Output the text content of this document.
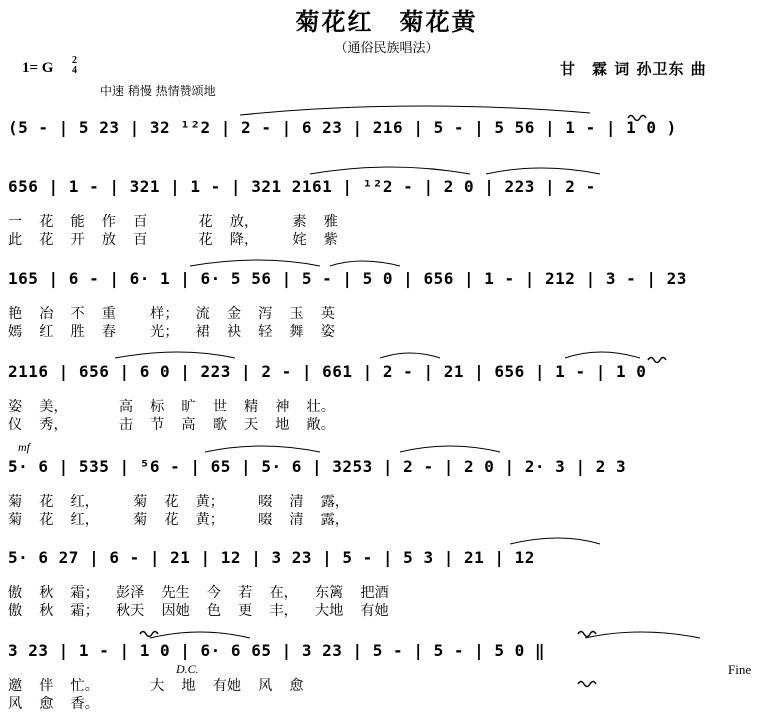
菊花红　菊花黄
（通俗民族唱法）
1= G 2
4	甘　霖 词 孙卫东 曲
中速 稍慢 热情赞颂地
(5 - | 5 23 | 32 ¹²2 | 2 - | 6 23 | 216 | 5 - | 5 56 | 1 - | 1 0 )
656 | 1 - | 321 | 1 - | 321 2161 | ¹²2 - | 2 0 | 223 | 2 -
一  花  能  作  百      花  放，    素  雅
此  花  开  放  百      花  降，    姹  紫
165 | 6 - | 6· 1 | 6· 5 56 | 5 - | 5 0 | 656 | 1 - | 212 | 3 - | 23
艳  冶  不  重    样；  流  金  泻  玉  英
嫣  红  胜  春    光；  裙  袂  轻  舞  姿
2116 | 656 | 6 0 | 223 | 2 - | 661 | 2 - | 21 | 656 | 1 - | 1 0
姿  美，      高  标  旷  世  精  神  壮。
仪  秀，      击  节  高  歌  天  地  敞。
mf
5· 6 | 535 | ⁵6 - | 65 | 5· 6 | 3253 | 2 - | 2 0 | 2· 3 | 2 3
菊  花  红，    菊  花  黄；    啜  清  露，
菊  花  红，    菊  花  黄；    啜  清  露，
5· 6 27 | 6 - | 21 | 12 | 3 23 | 5 - | 5 3 | 21 | 12
傲  秋  霜；  彭泽  先生  今  若  在，  东篱  把酒
傲  秋  霜；  秋天  因她  色  更  丰，  大地  有她
3 23 | 1 - | 1 0 | 6· 6 65 | 3 23 | 5 - | 5 - | 5 0 ‖
邀  伴  忙。      大  地  有她  风  愈
风  愈  香。
D.C.	Fine
